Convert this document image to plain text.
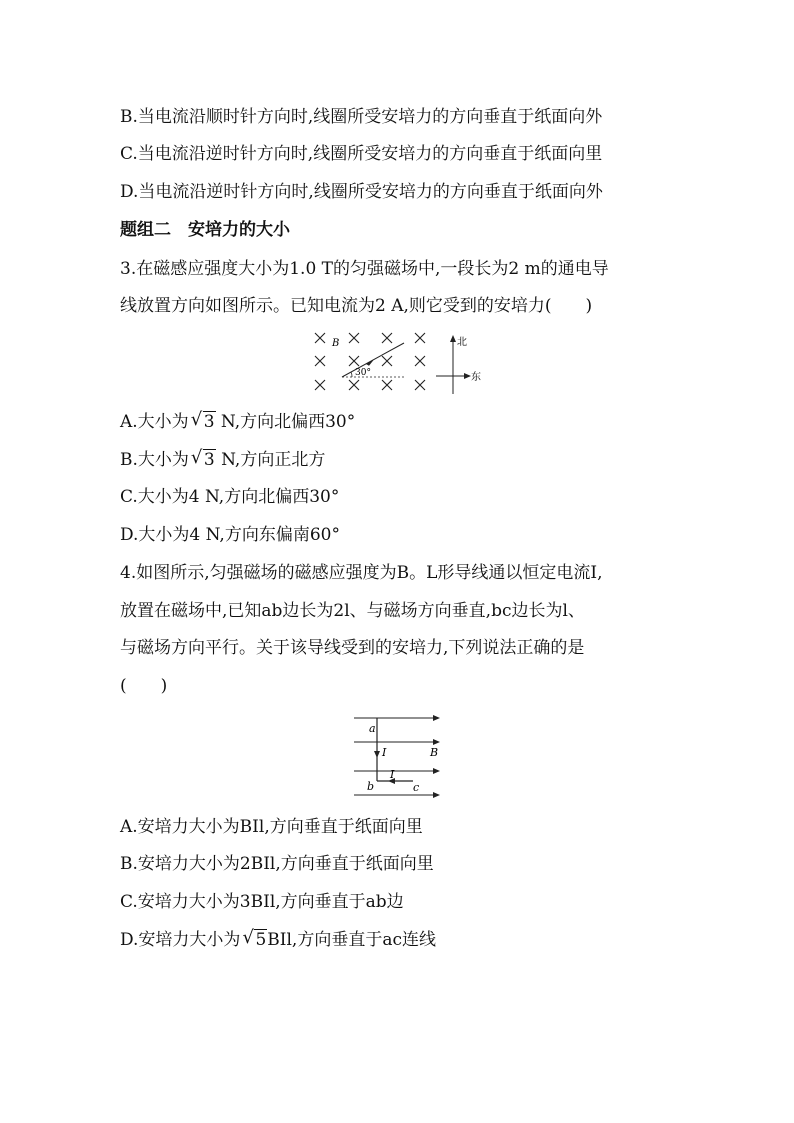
B.当电流沿顺时针方向时,线圈所受安培力的方向垂直于纸面向外
C.当电流沿逆时针方向时,线圈所受安培力的方向垂直于纸面向里
D.当电流沿逆时针方向时,线圈所受安培力的方向垂直于纸面向外
题组二　安培力的大小
3.在磁感应强度大小为1.0 T的匀强磁场中,一段长为2 m的通电导
线放置方向如图所示。已知电流为2 A,则它受到的安培力(　　)
B
30°
北
东
A.大小为 √ 3 N,方向北偏西30°
B.大小为 √ 3 N,方向正北方
C.大小为4 N,方向北偏西30°
D.大小为4 N,方向东偏南60°
4.如图所示,匀强磁场的磁感应强度为B。L形导线通以恒定电流I,
放置在磁场中,已知ab边长为2l、与磁场方向垂直,bc边长为l、
与磁场方向平行。关于该导线受到的安培力,下列说法正确的是
(　　)
a
I	B
I
b	c
A.安培力大小为BIl,方向垂直于纸面向里
B.安培力大小为2BIl,方向垂直于纸面向里
C.安培力大小为3BIl,方向垂直于ab边
D.安培力大小为 √ 5BIl,方向垂直于ac连线
